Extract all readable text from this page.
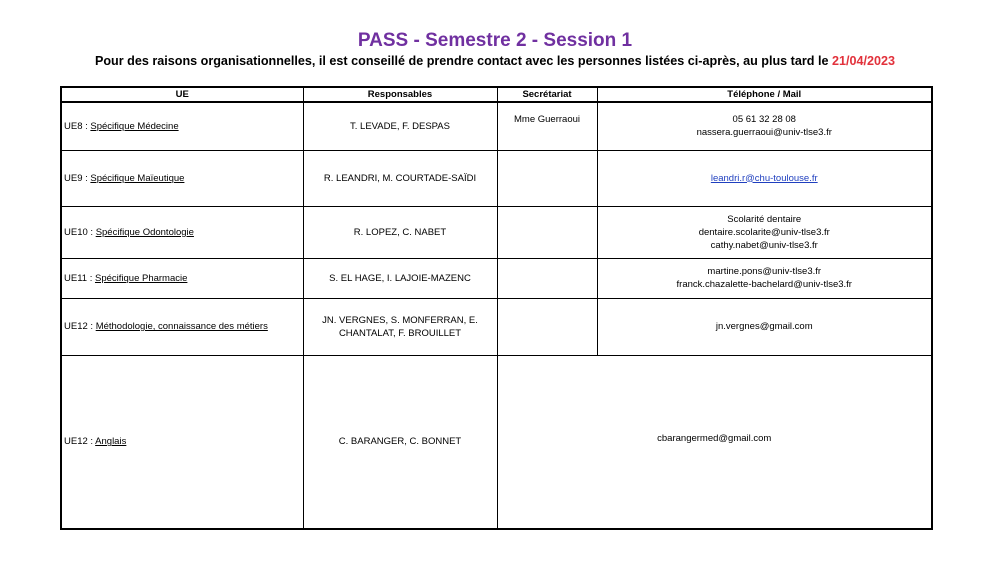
PASS - Semestre 2 - Session 1
Pour des raisons organisationnelles, il est conseillé de prendre contact avec les personnes listées ci-après, au plus tard le 21/04/2023
UE	Responsables	Secrétariat	Téléphone / Mail
UE8 : Spécifique Médecine	T. LEVADE, F. DESPAS	Mme Guerraoui	05 61 32 28 08
nassera.guerraoui@univ-tlse3.fr

UE9 : Spécifique Maïeutique	R. LEANDRI, M. COURTADE-SAÏDI		leandri.r@chu-toulouse.fr
UE10 : Spécifique Odontologie	R. LOPEZ, C. NABET		Scolarité dentaire
dentaire.scolarite@univ-tlse3.fr
cathy.nabet@univ-tlse3.fr

UE11 : Spécifique Pharmacie	S. EL HAGE, I. LAJOIE-MAZENC		martine.pons@univ-tlse3.fr
franck.chazalette-bachelard@univ-tlse3.fr

UE12 : Méthodologie, connaissance des métiers	JN. VERGNES, S. MONFERRAN, E.
CHANTALAT, F. BROUILLET		jn.vergnes@gmail.com

UE12 : Anglais	C. BARANGER, C. BONNET	cbarangermed@gmail.com	
